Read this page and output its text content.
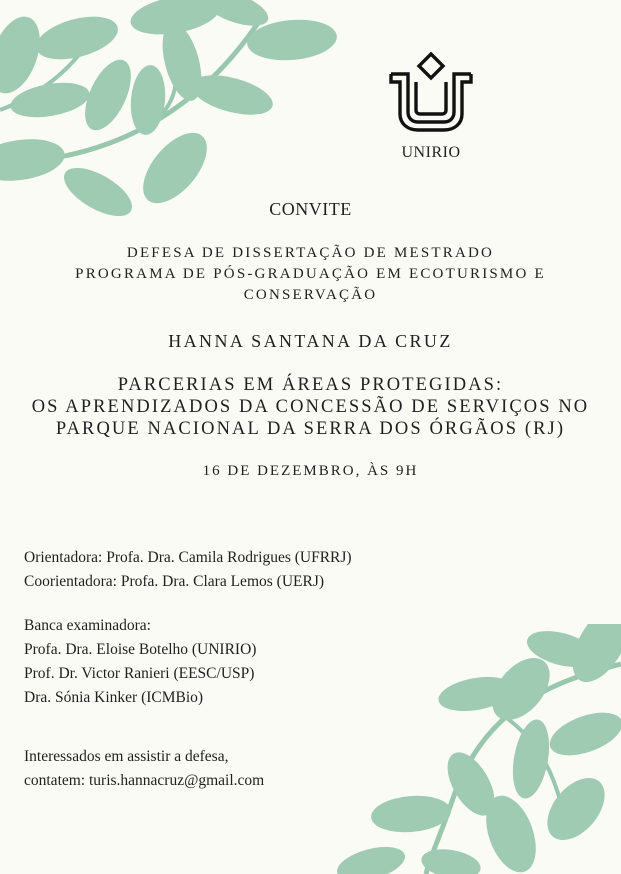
UNIRIO
CONVITE
DEFESA DE DISSERTAÇÃO DE MESTRADO
PROGRAMA DE PÓS-GRADUAÇÃO EM ECOTURISMO E
CONSERVAÇÃO
HANNA SANTANA DA CRUZ
PARCERIAS EM ÁREAS PROTEGIDAS:
OS APRENDIZADOS DA CONCESSÃO DE SERVIÇOS NO
PARQUE NACIONAL DA SERRA DOS ÓRGÃOS (RJ)
16 DE DEZEMBRO, ÀS 9H
Orientadora: Profa. Dra. Camila Rodrigues (UFRRJ)
Coorientadora: Profa. Dra. Clara Lemos (UERJ)
Banca examinadora:
Profa. Dra. Eloise Botelho (UNIRIO)
Prof. Dr. Victor Ranieri (EESC/USP)
Dra. Sónia Kinker (ICMBio)
Interessados em assistir a defesa,
contatem: turis.hannacruz@gmail.com
